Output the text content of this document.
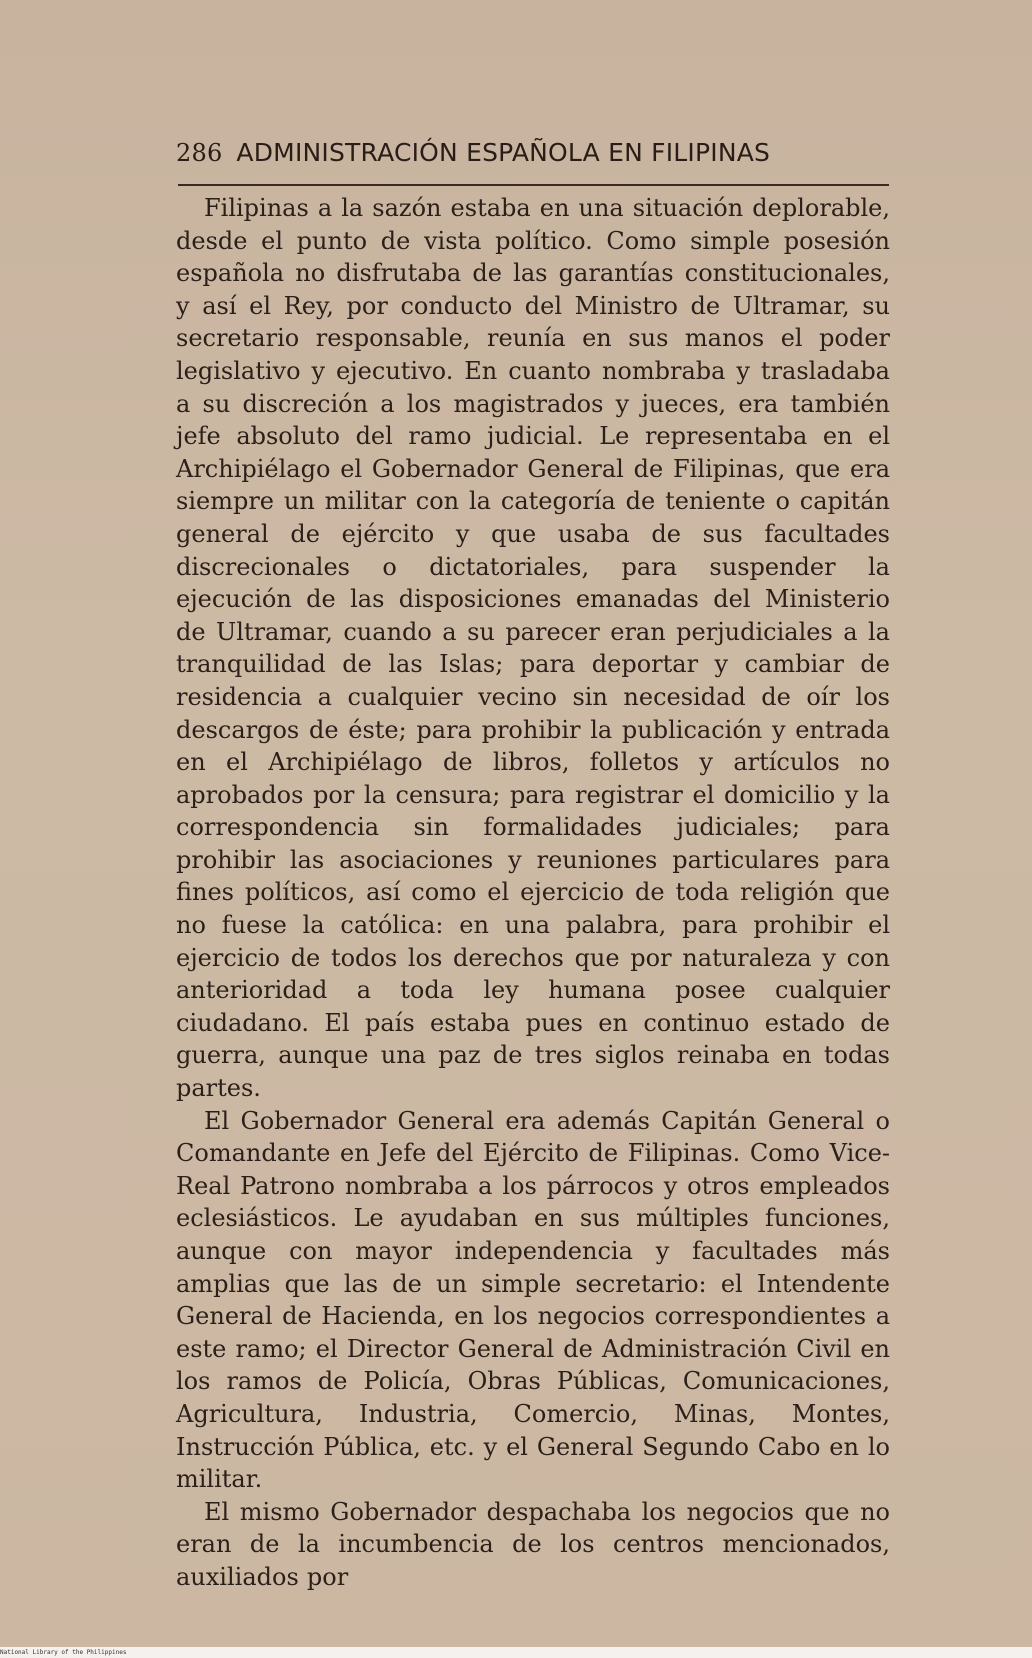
286 ADMINISTRACIÓN ESPAÑOLA EN FILIPINAS

Filipinas a la sazón estaba en una situación deplorable, desde el punto de vista político. Como simple posesión española no disfrutaba de las garantías constitucionales, y así el Rey, por conducto del Ministro de Ultramar, su secretario responsable, reunía en sus manos el poder legislativo y ejecutivo. En cuanto nombraba y trasladaba a su discreción a los magistrados y jueces, era también jefe absoluto del ramo judicial. Le representaba en el Archipiélago el Gobernador General de Filipinas, que era siempre un militar con la categoría de teniente o capitán general de ejército y que usaba de sus facultades discrecionales o dictatoriales, para suspender la ejecución de las disposiciones emanadas del Ministerio de Ultramar, cuando a su parecer eran perjudiciales a la tranquilidad de las Islas; para deportar y cambiar de residencia a cualquier vecino sin necesidad de oír los descargos de éste; para prohibir la publicación y entrada en el Archipiélago de libros, folletos y artículos no aprobados por la censura; para registrar el domicilio y la correspondencia sin formalidades judiciales; para prohibir las asociaciones y reuniones particulares para fines políticos, así como el ejercicio de toda religión que no fuese la católica: en una palabra, para prohibir el ejercicio de todos los derechos que por naturaleza y con anterioridad a toda ley humana posee cualquier ciudadano. El país estaba pues en continuo estado de guerra, aunque una paz de tres siglos reinaba en todas partes.

El Gobernador General era además Capitán General o Comandante en Jefe del Ejército de Filipinas. Como Vice-Real Patrono nombraba a los párrocos y otros empleados eclesiásticos. Le ayudaban en sus múltiples funciones, aunque con mayor independencia y facultades más amplias que las de un simple secretario: el Intendente General de Hacienda, en los negocios correspondientes a este ramo; el Director General de Administración Civil en los ramos de Policía, Obras Públicas, Comunicaciones, Agricultura, Industria, Comercio, Minas, Montes, Instrucción Pública, etc. y el General Segundo Cabo en lo militar.

El mismo Gobernador despachaba los negocios que no eran de la incumbencia de los centros mencionados, auxiliados por

National Library of the Philippines
